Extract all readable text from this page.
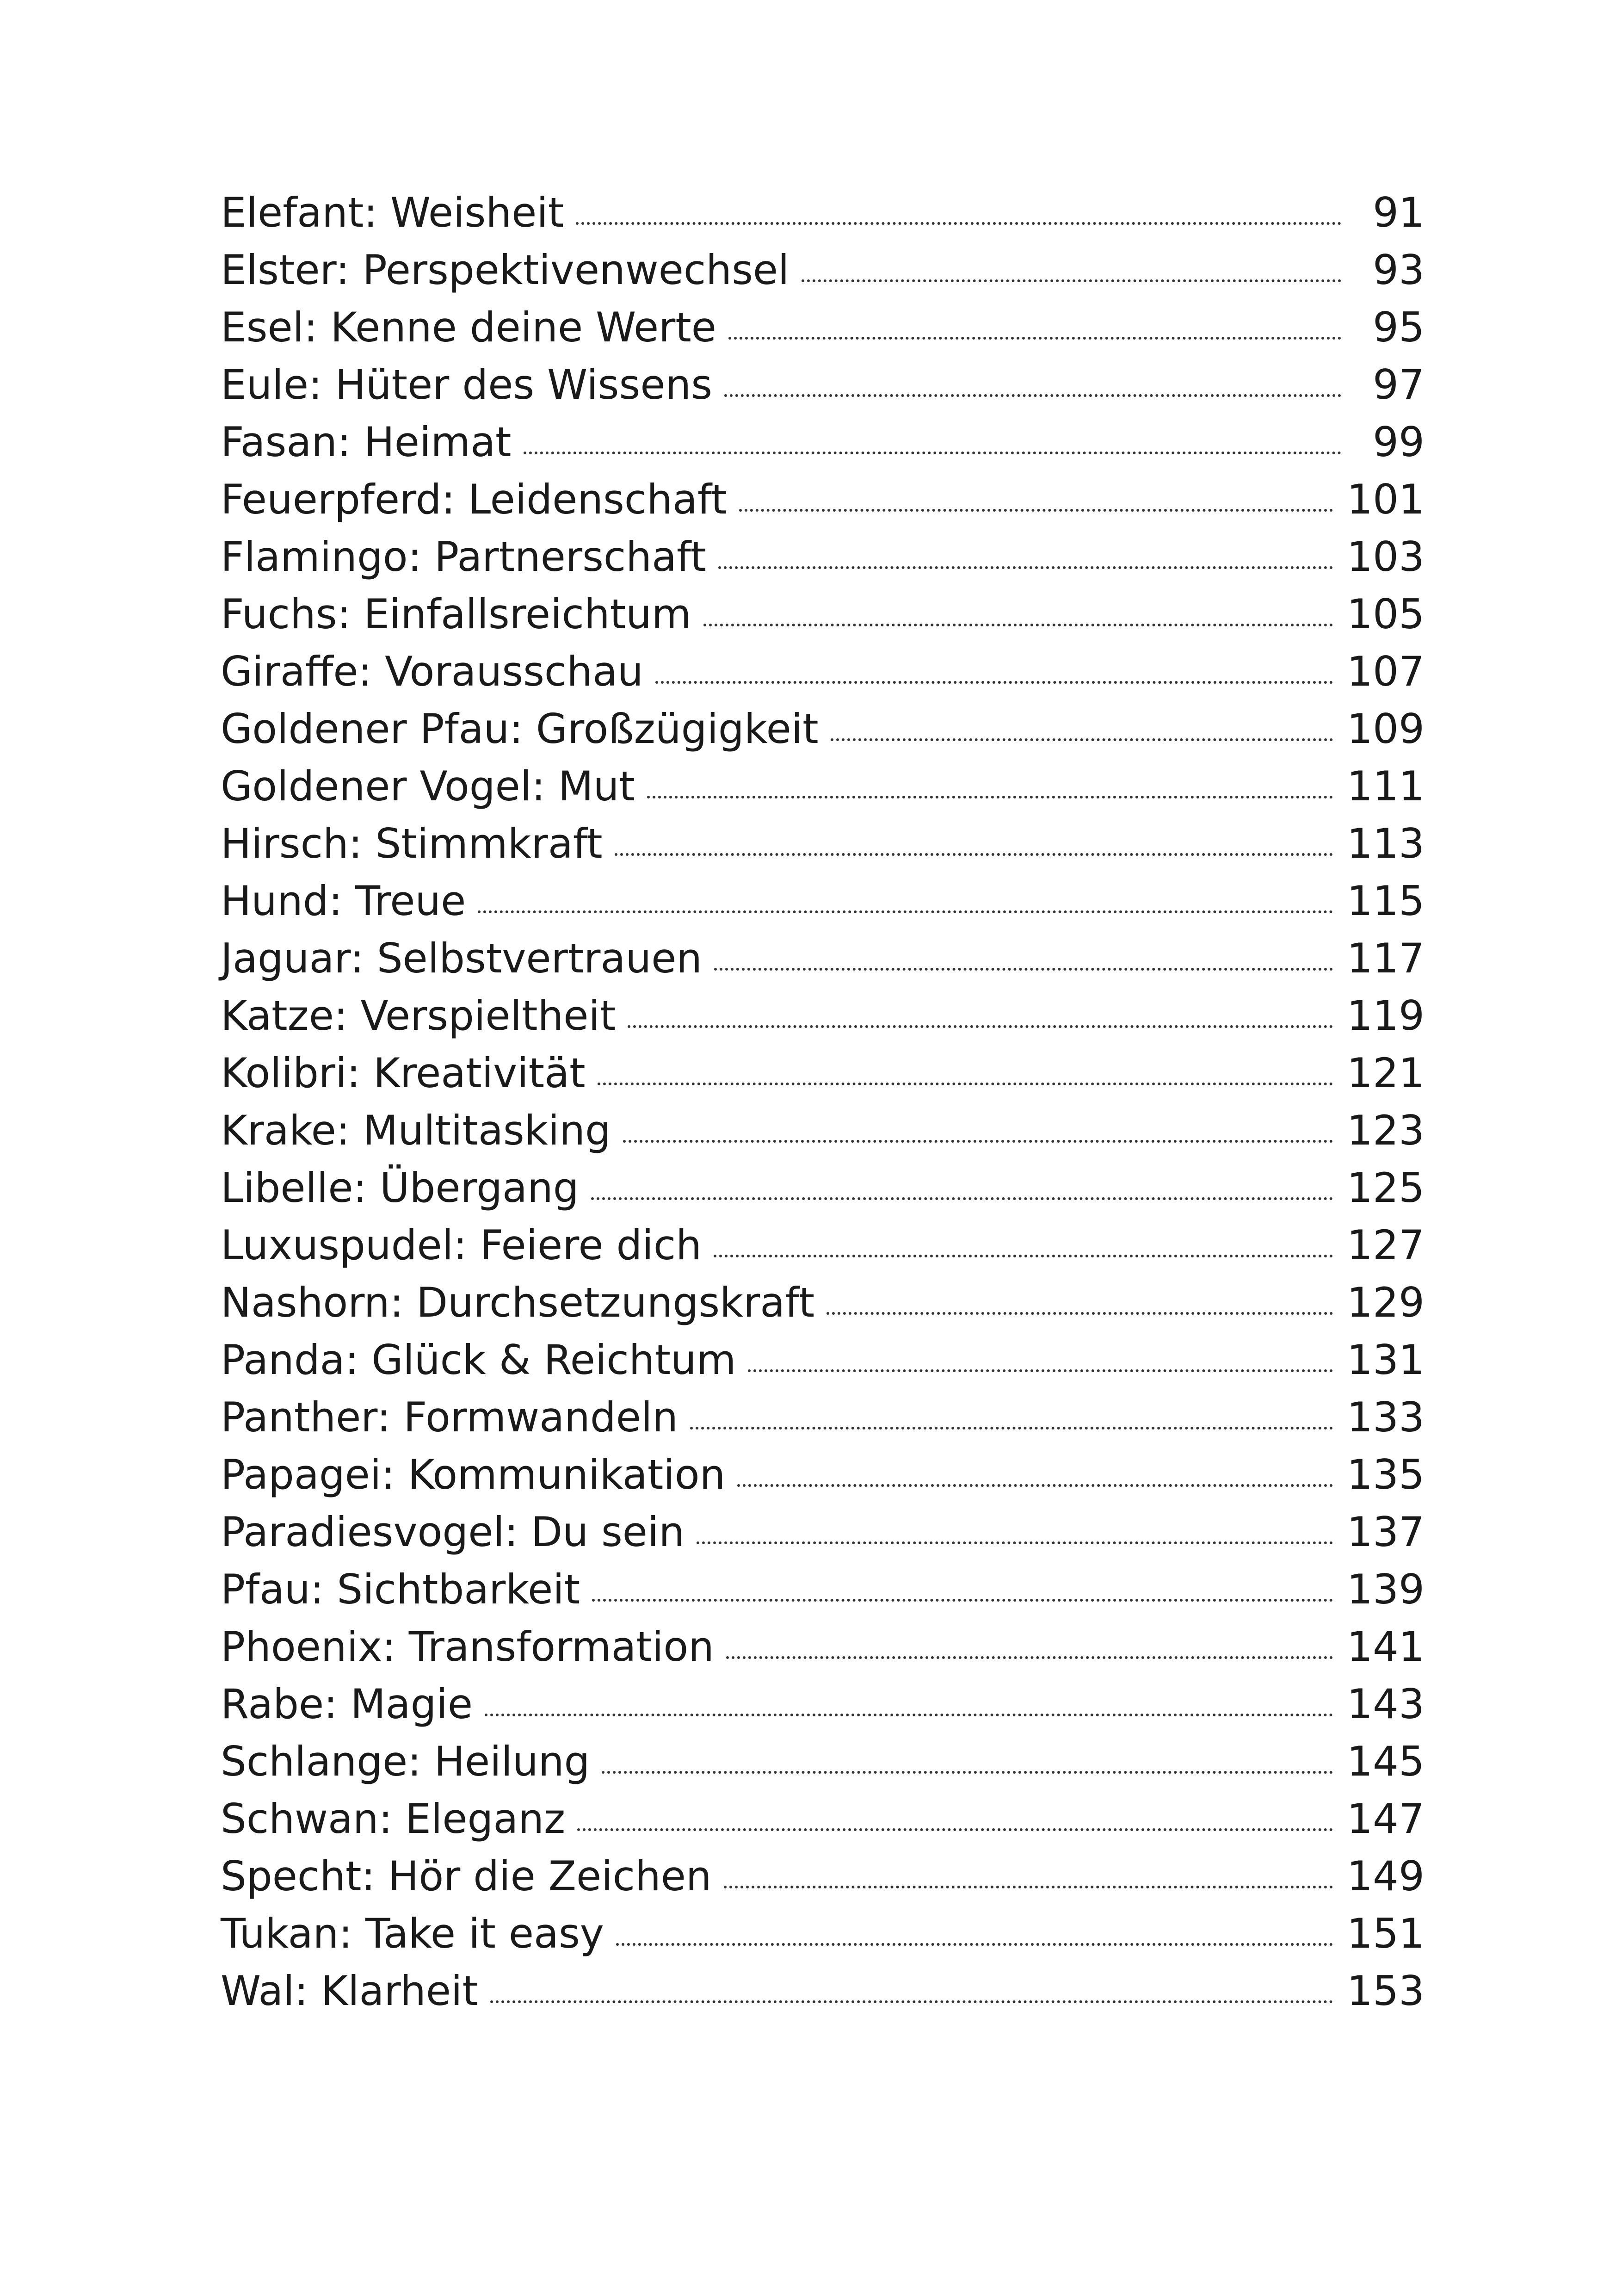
Elefant: Weisheit	91
Elster: Perspektivenwechsel	93
Esel: Kenne deine Werte	95
Eule: Hüter des Wissens	97
Fasan: Heimat	99
Feuerpferd: Leidenschaft	101
Flamingo: Partnerschaft	103
Fuchs: Einfallsreichtum	105
Giraffe: Vorausschau	107
Goldener Pfau: Großzügigkeit	109
Goldener Vogel: Mut	111
Hirsch: Stimmkraft	113
Hund: Treue	115
Jaguar: Selbstvertrauen	117
Katze: Verspieltheit	119
Kolibri: Kreativität	121
Krake: Multitasking	123
Libelle: Übergang	125
Luxuspudel: Feiere dich	127
Nashorn: Durchsetzungskraft	129
Panda: Glück & Reichtum	131
Panther: Formwandeln	133
Papagei: Kommunikation	135
Paradiesvogel: Du sein	137
Pfau: Sichtbarkeit	139
Phoenix: Transformation	141
Rabe: Magie	143
Schlange: Heilung	145
Schwan: Eleganz	147
Specht: Hör die Zeichen	149
Tukan: Take it easy	151
Wal: Klarheit	153
